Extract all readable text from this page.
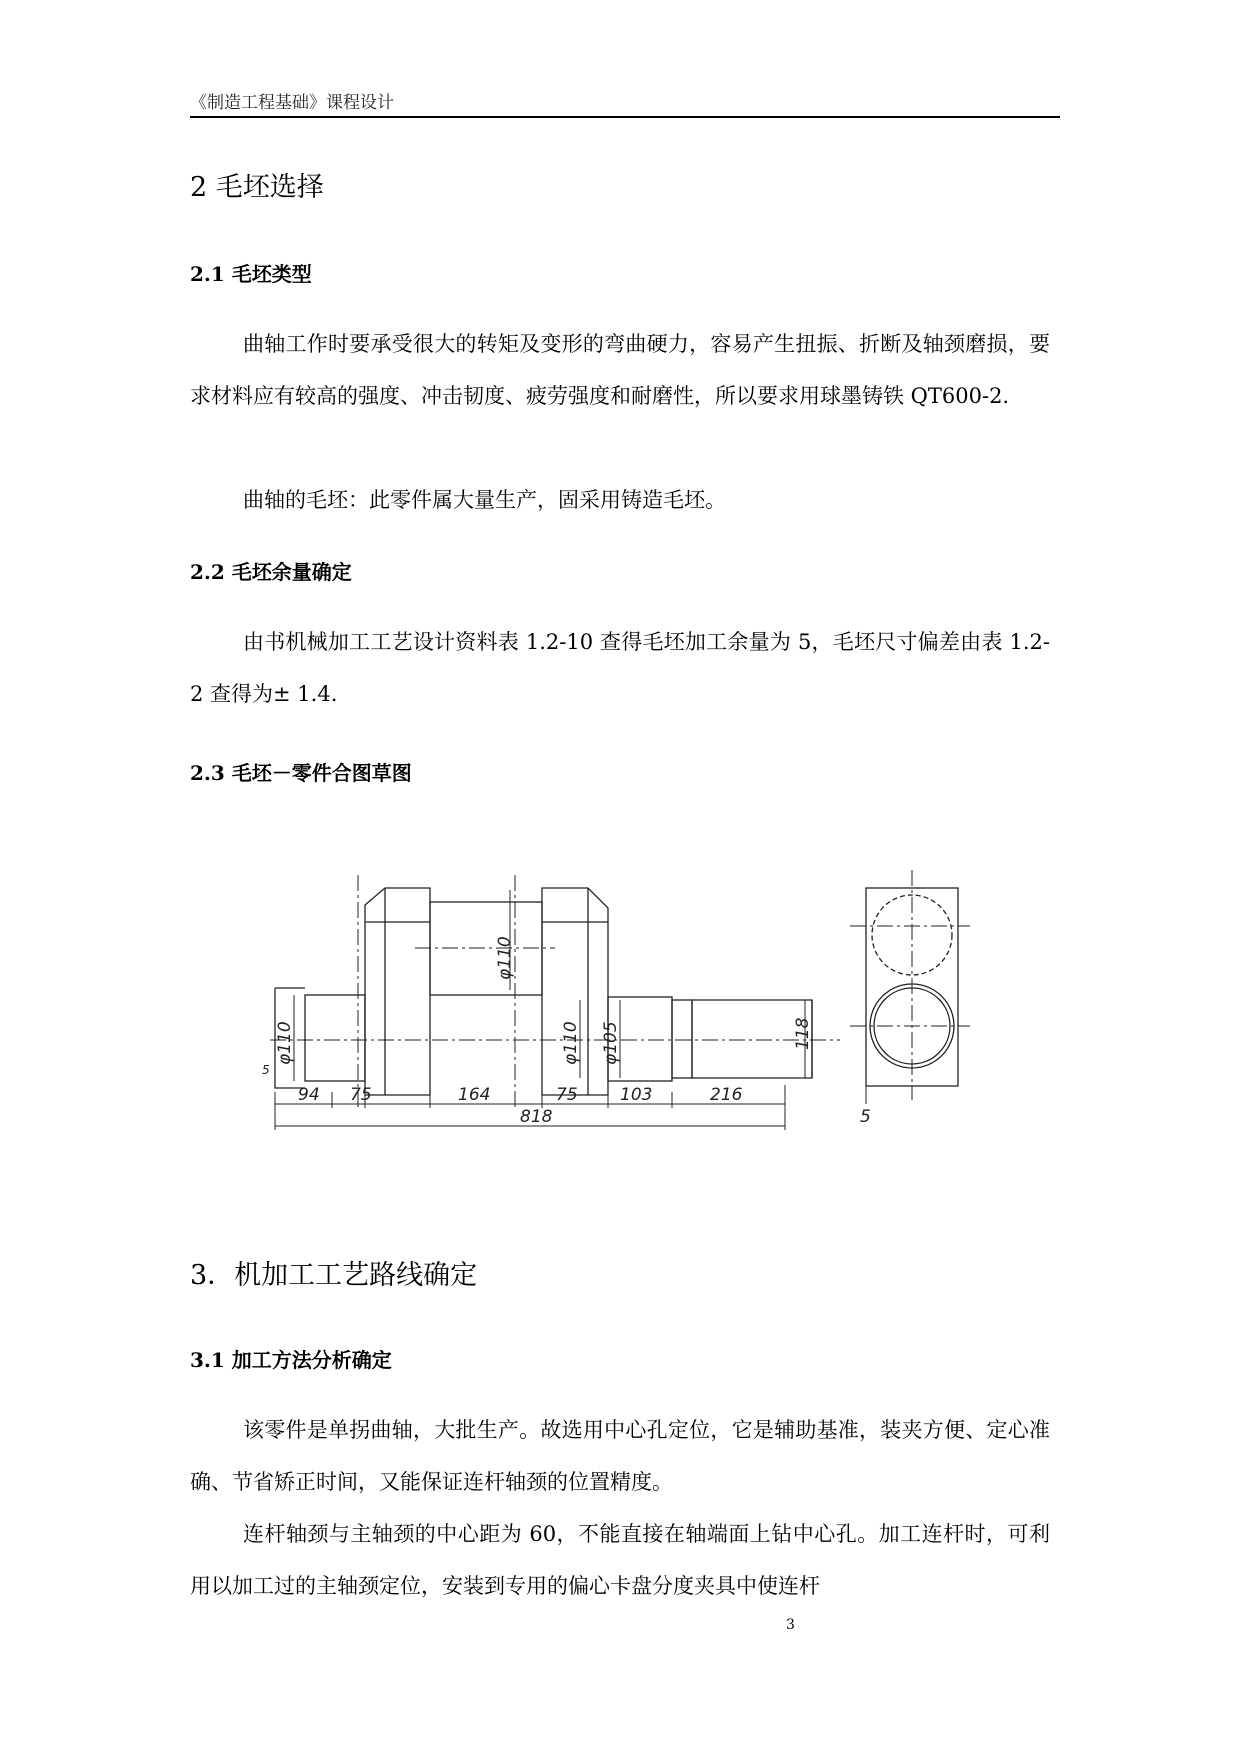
《制造工程基础》课程设计
2 毛坯选择
2.1 毛坯类型

曲轴工作时要承受很大的转矩及变形的弯曲硬力，容易产生扭振、折断及轴颈磨损，要求材料应有较高的强度、冲击韧度、疲劳强度和耐磨性，所以要求用球墨铸铁 QT600-2.

曲轴的毛坯：此零件属大量生产，固采用铸造毛坯。

2.2 毛坯余量确定

由书机械加工工艺设计资料表 1.2-10 查得毛坯加工余量为 5，毛坯尺寸偏差由表 1.2-2 查得为± 1.4.

2.3 毛坯－零件合图草图
φ110
φ110	φ110 φ105	118
5
94 75	164	75 103	216
818	5
3．机加工工艺路线确定
3.1 加工方法分析确定

该零件是单拐曲轴，大批生产。故选用中心孔定位，它是辅助基准，装夹方便、定心准确、节省矫正时间，又能保证连杆轴颈的位置精度。

连杆轴颈与主轴颈的中心距为 60，不能直接在轴端面上钻中心孔。加工连杆时，可利用以加工过的主轴颈定位，安装到专用的偏心卡盘分度夹具中使连杆

3
